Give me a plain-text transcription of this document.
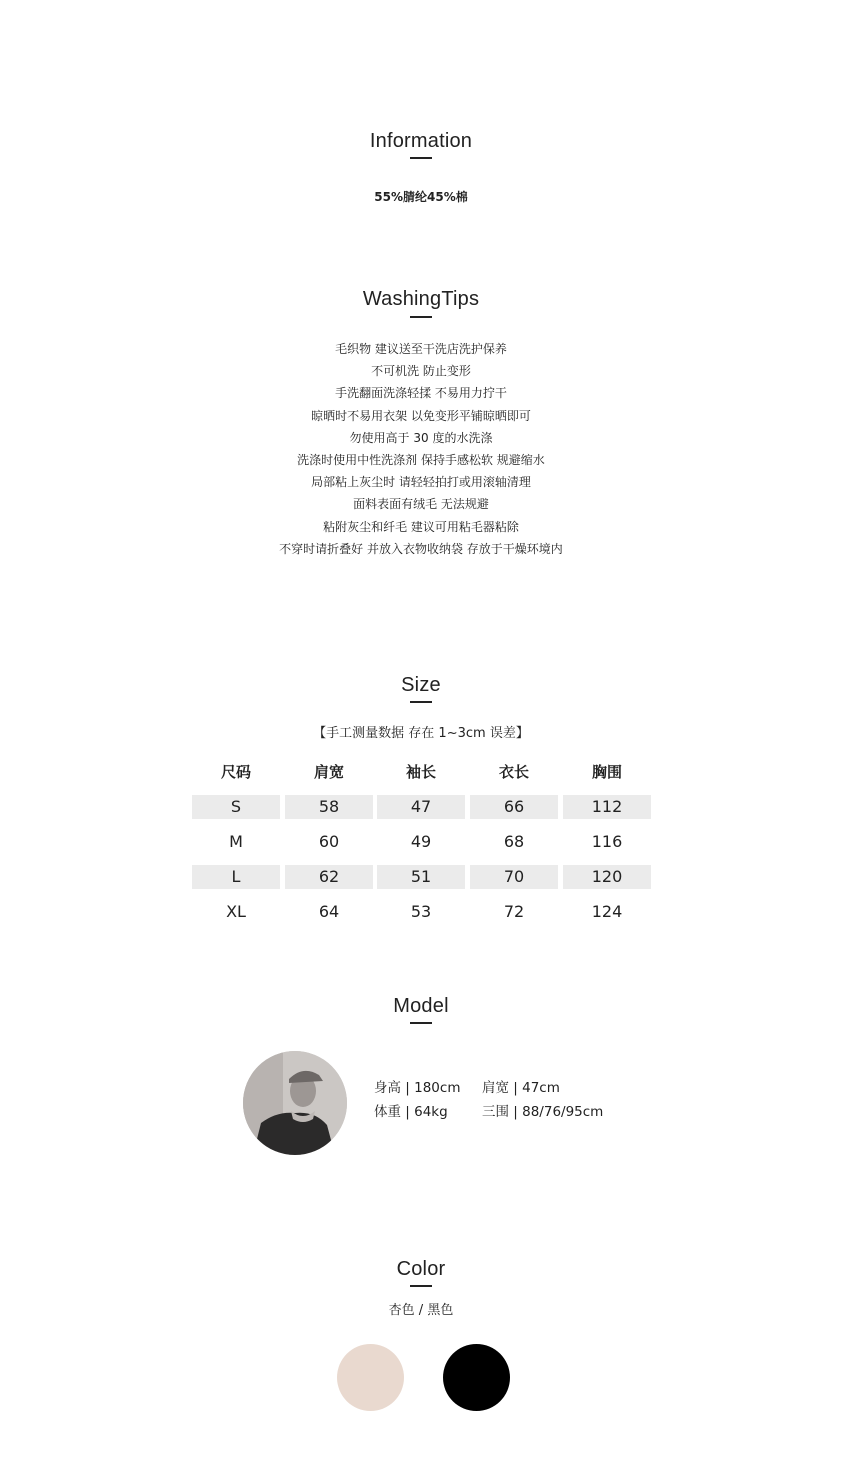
Information
55%腈纶45%棉
WashingTips
毛织物 建议送至干洗店洗护保养
不可机洗 防止变形
手洗翻面洗涤轻揉 不易用力拧干
晾晒时不易用衣架 以免变形平铺晾晒即可
勿使用高于 30 度的水洗涤
洗涤时使用中性洗涤剂 保持手感松软 规避缩水
局部粘上灰尘时 请轻轻拍打或用滚轴清理
面料表面有绒毛 无法规避
粘附灰尘和纤毛 建议可用粘毛器粘除
不穿时请折叠好 并放入衣物收纳袋 存放于干燥环境内
Size
【手工测量数据 存在 1~3cm 误差】
尺码	肩宽	袖长	衣长	胸围
S	58	47	66	112
M	60	49	68	116
L	62	51	70	120
XL	64	53	72	124
Model
身高 | 180cm 肩宽 | 47cm
体重 | 64kg	三围 | 88/76/95cm
Color
杏色 / 黑色
